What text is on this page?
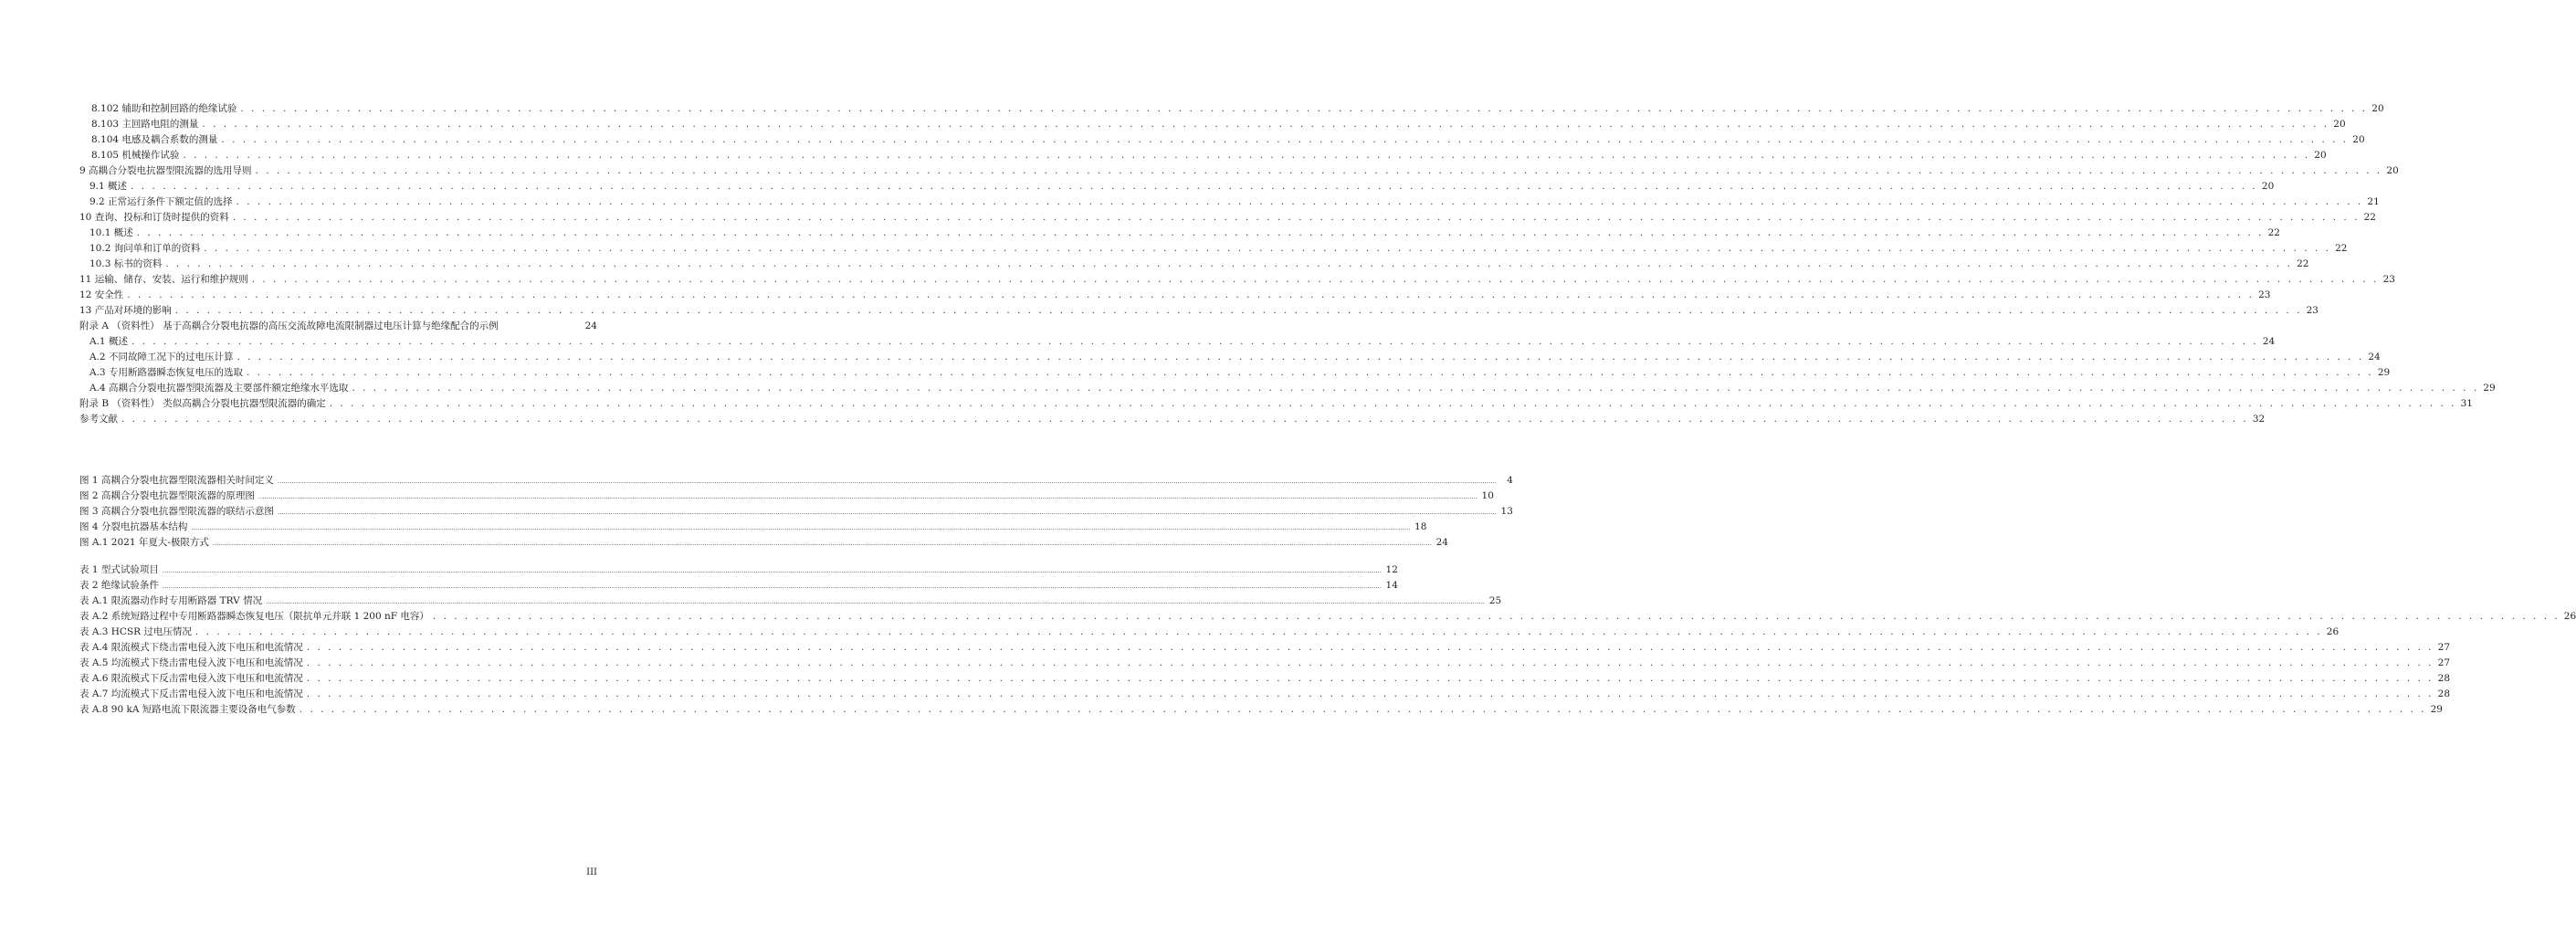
8.102 辅助和控制回路的绝缘试验 . . . . . . . . . . . . . . . . . . . . . . . . . . . . . . . . . . . . . . . . . . . . . . . . . . . . . . . . . . . . . . . . . . . . . . . . . . . . . . . . . . . . . . . . . . . . . . . . . . . . . . . . . . . . . . . . . . . . . . . . . . . . . . . . . . . . . . . . . . . . . . . . . . . . . . . . . . . . . . . . . . . . . . . . . . . . . . . . . . . . . . . . . . . . . . . . . . . . . . . . 20
8.103 主回路电阻的测量 . . . . . . . . . . . . . . . . . . . . . . . . . . . . . . . . . . . . . . . . . . . . . . . . . . . . . . . . . . . . . . . . . . . . . . . . . . . . . . . . . . . . . . . . . . . . . . . . . . . . . . . . . . . . . . . . . . . . . . . . . . . . . . . . . . . . . . . . . . . . . . . . . . . . . . . . . . . . . . . . . . . . . . . . . . . . . . . . . . . . . . . . . . . . . . . . . . . . . . . . 20
8.104 电感及耦合系数的测量 . . . . . . . . . . . . . . . . . . . . . . . . . . . . . . . . . . . . . . . . . . . . . . . . . . . . . . . . . . . . . . . . . . . . . . . . . . . . . . . . . . . . . . . . . . . . . . . . . . . . . . . . . . . . . . . . . . . . . . . . . . . . . . . . . . . . . . . . . . . . . . . . . . . . . . . . . . . . . . . . . . . . . . . . . . . . . . . . . . . . . . . . . . . . . . . . . . . . . . . . 20
8.105 机械操作试验 . . . . . . . . . . . . . . . . . . . . . . . . . . . . . . . . . . . . . . . . . . . . . . . . . . . . . . . . . . . . . . . . . . . . . . . . . . . . . . . . . . . . . . . . . . . . . . . . . . . . . . . . . . . . . . . . . . . . . . . . . . . . . . . . . . . . . . . . . . . . . . . . . . . . . . . . . . . . . . . . . . . . . . . . . . . . . . . . . . . . . . . . . . . . . . . . . . . . . . . . 20
9 高耦合分裂电抗器型限流器的选用导则 . . . . . . . . . . . . . . . . . . . . . . . . . . . . . . . . . . . . . . . . . . . . . . . . . . . . . . . . . . . . . . . . . . . . . . . . . . . . . . . . . . . . . . . . . . . . . . . . . . . . . . . . . . . . . . . . . . . . . . . . . . . . . . . . . . . . . . . . . . . . . . . . . . . . . . . . . . . . . . . . . . . . . . . . . . . . . . . . . . . . . . . . . . . . . . . . . . . . . . . . 20
9.1 概述 . . . . . . . . . . . . . . . . . . . . . . . . . . . . . . . . . . . . . . . . . . . . . . . . . . . . . . . . . . . . . . . . . . . . . . . . . . . . . . . . . . . . . . . . . . . . . . . . . . . . . . . . . . . . . . . . . . . . . . . . . . . . . . . . . . . . . . . . . . . . . . . . . . . . . . . . . . . . . . . . . . . . . . . . . . . . . . . . . . . . . . . . . . . . . . . . . . . . . . . . 20
9.2 正常运行条件下额定值的选择 . . . . . . . . . . . . . . . . . . . . . . . . . . . . . . . . . . . . . . . . . . . . . . . . . . . . . . . . . . . . . . . . . . . . . . . . . . . . . . . . . . . . . . . . . . . . . . . . . . . . . . . . . . . . . . . . . . . . . . . . . . . . . . . . . . . . . . . . . . . . . . . . . . . . . . . . . . . . . . . . . . . . . . . . . . . . . . . . . . . . . . . . . . . . . . . . . . . . . . . . 21
10 查询、投标和订货时提供的资料 . . . . . . . . . . . . . . . . . . . . . . . . . . . . . . . . . . . . . . . . . . . . . . . . . . . . . . . . . . . . . . . . . . . . . . . . . . . . . . . . . . . . . . . . . . . . . . . . . . . . . . . . . . . . . . . . . . . . . . . . . . . . . . . . . . . . . . . . . . . . . . . . . . . . . . . . . . . . . . . . . . . . . . . . . . . . . . . . . . . . . . . . . . . . . . . . . . . . . . . . 22
10.1 概述 . . . . . . . . . . . . . . . . . . . . . . . . . . . . . . . . . . . . . . . . . . . . . . . . . . . . . . . . . . . . . . . . . . . . . . . . . . . . . . . . . . . . . . . . . . . . . . . . . . . . . . . . . . . . . . . . . . . . . . . . . . . . . . . . . . . . . . . . . . . . . . . . . . . . . . . . . . . . . . . . . . . . . . . . . . . . . . . . . . . . . . . . . . . . . . . . . . . . . . . . 22
10.2 询问单和订单的资料 . . . . . . . . . . . . . . . . . . . . . . . . . . . . . . . . . . . . . . . . . . . . . . . . . . . . . . . . . . . . . . . . . . . . . . . . . . . . . . . . . . . . . . . . . . . . . . . . . . . . . . . . . . . . . . . . . . . . . . . . . . . . . . . . . . . . . . . . . . . . . . . . . . . . . . . . . . . . . . . . . . . . . . . . . . . . . . . . . . . . . . . . . . . . . . . . . . . . . . . . 22
10.3 标书的资料 . . . . . . . . . . . . . . . . . . . . . . . . . . . . . . . . . . . . . . . . . . . . . . . . . . . . . . . . . . . . . . . . . . . . . . . . . . . . . . . . . . . . . . . . . . . . . . . . . . . . . . . . . . . . . . . . . . . . . . . . . . . . . . . . . . . . . . . . . . . . . . . . . . . . . . . . . . . . . . . . . . . . . . . . . . . . . . . . . . . . . . . . . . . . . . . . . . . . . . . . 22
11 运输、储存、安装、运行和维护规则 . . . . . . . . . . . . . . . . . . . . . . . . . . . . . . . . . . . . . . . . . . . . . . . . . . . . . . . . . . . . . . . . . . . . . . . . . . . . . . . . . . . . . . . . . . . . . . . . . . . . . . . . . . . . . . . . . . . . . . . . . . . . . . . . . . . . . . . . . . . . . . . . . . . . . . . . . . . . . . . . . . . . . . . . . . . . . . . . . . . . . . . . . . . . . . . . . . . . . . . . 23
12 安全性 . . . . . . . . . . . . . . . . . . . . . . . . . . . . . . . . . . . . . . . . . . . . . . . . . . . . . . . . . . . . . . . . . . . . . . . . . . . . . . . . . . . . . . . . . . . . . . . . . . . . . . . . . . . . . . . . . . . . . . . . . . . . . . . . . . . . . . . . . . . . . . . . . . . . . . . . . . . . . . . . . . . . . . . . . . . . . . . . . . . . . . . . . . . . . . . . . . . . . . . . 23
13 产品对环境的影响 . . . . . . . . . . . . . . . . . . . . . . . . . . . . . . . . . . . . . . . . . . . . . . . . . . . . . . . . . . . . . . . . . . . . . . . . . . . . . . . . . . . . . . . . . . . . . . . . . . . . . . . . . . . . . . . . . . . . . . . . . . . . . . . . . . . . . . . . . . . . . . . . . . . . . . . . . . . . . . . . . . . . . . . . . . . . . . . . . . . . . . . . . . . . . . . . . . . . . . . . 23
附录 A （资料性） 基于高耦合分裂电抗器的高压交流故障电流限制器过电压计算与绝缘配合的示例	24
A.1 概述 . . . . . . . . . . . . . . . . . . . . . . . . . . . . . . . . . . . . . . . . . . . . . . . . . . . . . . . . . . . . . . . . . . . . . . . . . . . . . . . . . . . . . . . . . . . . . . . . . . . . . . . . . . . . . . . . . . . . . . . . . . . . . . . . . . . . . . . . . . . . . . . . . . . . . . . . . . . . . . . . . . . . . . . . . . . . . . . . . . . . . . . . . . . . . . . . . . . . . . . . 24
A.2 不同故障工况下的过电压计算 . . . . . . . . . . . . . . . . . . . . . . . . . . . . . . . . . . . . . . . . . . . . . . . . . . . . . . . . . . . . . . . . . . . . . . . . . . . . . . . . . . . . . . . . . . . . . . . . . . . . . . . . . . . . . . . . . . . . . . . . . . . . . . . . . . . . . . . . . . . . . . . . . . . . . . . . . . . . . . . . . . . . . . . . . . . . . . . . . . . . . . . . . . . . . . . . . . . . . . . . 24
A.3 专用断路器瞬态恢复电压的选取 . . . . . . . . . . . . . . . . . . . . . . . . . . . . . . . . . . . . . . . . . . . . . . . . . . . . . . . . . . . . . . . . . . . . . . . . . . . . . . . . . . . . . . . . . . . . . . . . . . . . . . . . . . . . . . . . . . . . . . . . . . . . . . . . . . . . . . . . . . . . . . . . . . . . . . . . . . . . . . . . . . . . . . . . . . . . . . . . . . . . . . . . . . . . . . . . . . . . . . . . 29
A.4 高耦合分裂电抗器型限流器及主要部件额定绝缘水平选取 . . . . . . . . . . . . . . . . . . . . . . . . . . . . . . . . . . . . . . . . . . . . . . . . . . . . . . . . . . . . . . . . . . . . . . . . . . . . . . . . . . . . . . . . . . . . . . . . . . . . . . . . . . . . . . . . . . . . . . . . . . . . . . . . . . . . . . . . . . . . . . . . . . . . . . . . . . . . . . . . . . . . . . . . . . . . . . . . . . . . . . . . . . . . . . . . . . . . . . . . 29
附录 B （资料性） 类似高耦合分裂电抗器型限流器的确定 . . . . . . . . . . . . . . . . . . . . . . . . . . . . . . . . . . . . . . . . . . . . . . . . . . . . . . . . . . . . . . . . . . . . . . . . . . . . . . . . . . . . . . . . . . . . . . . . . . . . . . . . . . . . . . . . . . . . . . . . . . . . . . . . . . . . . . . . . . . . . . . . . . . . . . . . . . . . . . . . . . . . . . . . . . . . . . . . . . . . . . . . . . . . . . . . . . . . . . . . 31
参考文献 . . . . . . . . . . . . . . . . . . . . . . . . . . . . . . . . . . . . . . . . . . . . . . . . . . . . . . . . . . . . . . . . . . . . . . . . . . . . . . . . . . . . . . . . . . . . . . . . . . . . . . . . . . . . . . . . . . . . . . . . . . . . . . . . . . . . . . . . . . . . . . . . . . . . . . . . . . . . . . . . . . . . . . . . . . . . . . . . . . . . . . . . . . . . . . . . . . . . . . . . 32
图 1 高耦合分裂电抗器型限流器相关时间定义 ........................................................................................................................................................................................................................................................................................................................................................................................................................................................................................................................................................................................................................	4
图 2 高耦合分裂电抗器型限流器的原理图 ........................................................................................................................................................................................................................................................................................................................................................................................................................................................................................................................................................................................................................ 10
图 3 高耦合分裂电抗器型限流器的联结示意图 ........................................................................................................................................................................................................................................................................................................................................................................................................................................................................................................................................................................................................................ 13
图 4 分裂电抗器基本结构 ........................................................................................................................................................................................................................................................................................................................................................................................................................................................................................................................................................................................................................ 18
图 A.1 2021 年夏大-极限方式 ........................................................................................................................................................................................................................................................................................................................................................................................................................................................................................................................................................................................................................ 24
表 1 型式试验项目 ........................................................................................................................................................................................................................................................................................................................................................................................................................................................................................................................................................................................................................ 12
表 2 绝缘试验条件 ........................................................................................................................................................................................................................................................................................................................................................................................................................................................................................................................................................................................................................ 14
表 A.1 限流器动作时专用断路器 TRV 情况 ........................................................................................................................................................................................................................................................................................................................................................................................................................................................................................................................................................................................................................ 25
表 A.2 系统短路过程中专用断路器瞬态恢复电压（限抗单元并联 1 200 nF 电容） . . . . . . . . . . . . . . . . . . . . . . . . . . . . . . . . . . . . . . . . . . . . . . . . . . . . . . . . . . . . . . . . . . . . . . . . . . . . . . . . . . . . . . . . . . . . . . . . . . . . . . . . . . . . . . . . . . . . . . . . . . . . . . . . . . . . . . . . . . . . . . . . . . . . . . . . . . . . . . . . . . . . . . . . . . . . . . . . . . . . . . . . . . . . . . . . . . . . . . . . 26
表 A.3 HCSR 过电压情况 . . . . . . . . . . . . . . . . . . . . . . . . . . . . . . . . . . . . . . . . . . . . . . . . . . . . . . . . . . . . . . . . . . . . . . . . . . . . . . . . . . . . . . . . . . . . . . . . . . . . . . . . . . . . . . . . . . . . . . . . . . . . . . . . . . . . . . . . . . . . . . . . . . . . . . . . . . . . . . . . . . . . . . . . . . . . . . . . . . . . . . . . . . . . . . . . . . . . . . . . 26
表 A.4 限流模式下绕击雷电侵入波下电压和电流情况 . . . . . . . . . . . . . . . . . . . . . . . . . . . . . . . . . . . . . . . . . . . . . . . . . . . . . . . . . . . . . . . . . . . . . . . . . . . . . . . . . . . . . . . . . . . . . . . . . . . . . . . . . . . . . . . . . . . . . . . . . . . . . . . . . . . . . . . . . . . . . . . . . . . . . . . . . . . . . . . . . . . . . . . . . . . . . . . . . . . . . . . . . . . . . . . . . . . . . . . . 27
表 A.5 均流模式下绕击雷电侵入波下电压和电流情况 . . . . . . . . . . . . . . . . . . . . . . . . . . . . . . . . . . . . . . . . . . . . . . . . . . . . . . . . . . . . . . . . . . . . . . . . . . . . . . . . . . . . . . . . . . . . . . . . . . . . . . . . . . . . . . . . . . . . . . . . . . . . . . . . . . . . . . . . . . . . . . . . . . . . . . . . . . . . . . . . . . . . . . . . . . . . . . . . . . . . . . . . . . . . . . . . . . . . . . . . 27
表 A.6 限流模式下反击雷电侵入波下电压和电流情况 . . . . . . . . . . . . . . . . . . . . . . . . . . . . . . . . . . . . . . . . . . . . . . . . . . . . . . . . . . . . . . . . . . . . . . . . . . . . . . . . . . . . . . . . . . . . . . . . . . . . . . . . . . . . . . . . . . . . . . . . . . . . . . . . . . . . . . . . . . . . . . . . . . . . . . . . . . . . . . . . . . . . . . . . . . . . . . . . . . . . . . . . . . . . . . . . . . . . . . . . 28
表 A.7 均流模式下反击雷电侵入波下电压和电流情况 . . . . . . . . . . . . . . . . . . . . . . . . . . . . . . . . . . . . . . . . . . . . . . . . . . . . . . . . . . . . . . . . . . . . . . . . . . . . . . . . . . . . . . . . . . . . . . . . . . . . . . . . . . . . . . . . . . . . . . . . . . . . . . . . . . . . . . . . . . . . . . . . . . . . . . . . . . . . . . . . . . . . . . . . . . . . . . . . . . . . . . . . . . . . . . . . . . . . . . . . 28
表 A.8 90 kA 短路电流下限流器主要设备电气参数 . . . . . . . . . . . . . . . . . . . . . . . . . . . . . . . . . . . . . . . . . . . . . . . . . . . . . . . . . . . . . . . . . . . . . . . . . . . . . . . . . . . . . . . . . . . . . . . . . . . . . . . . . . . . . . . . . . . . . . . . . . . . . . . . . . . . . . . . . . . . . . . . . . . . . . . . . . . . . . . . . . . . . . . . . . . . . . . . . . . . . . . . . . . . . . . . . . . . . . . . 29
III
